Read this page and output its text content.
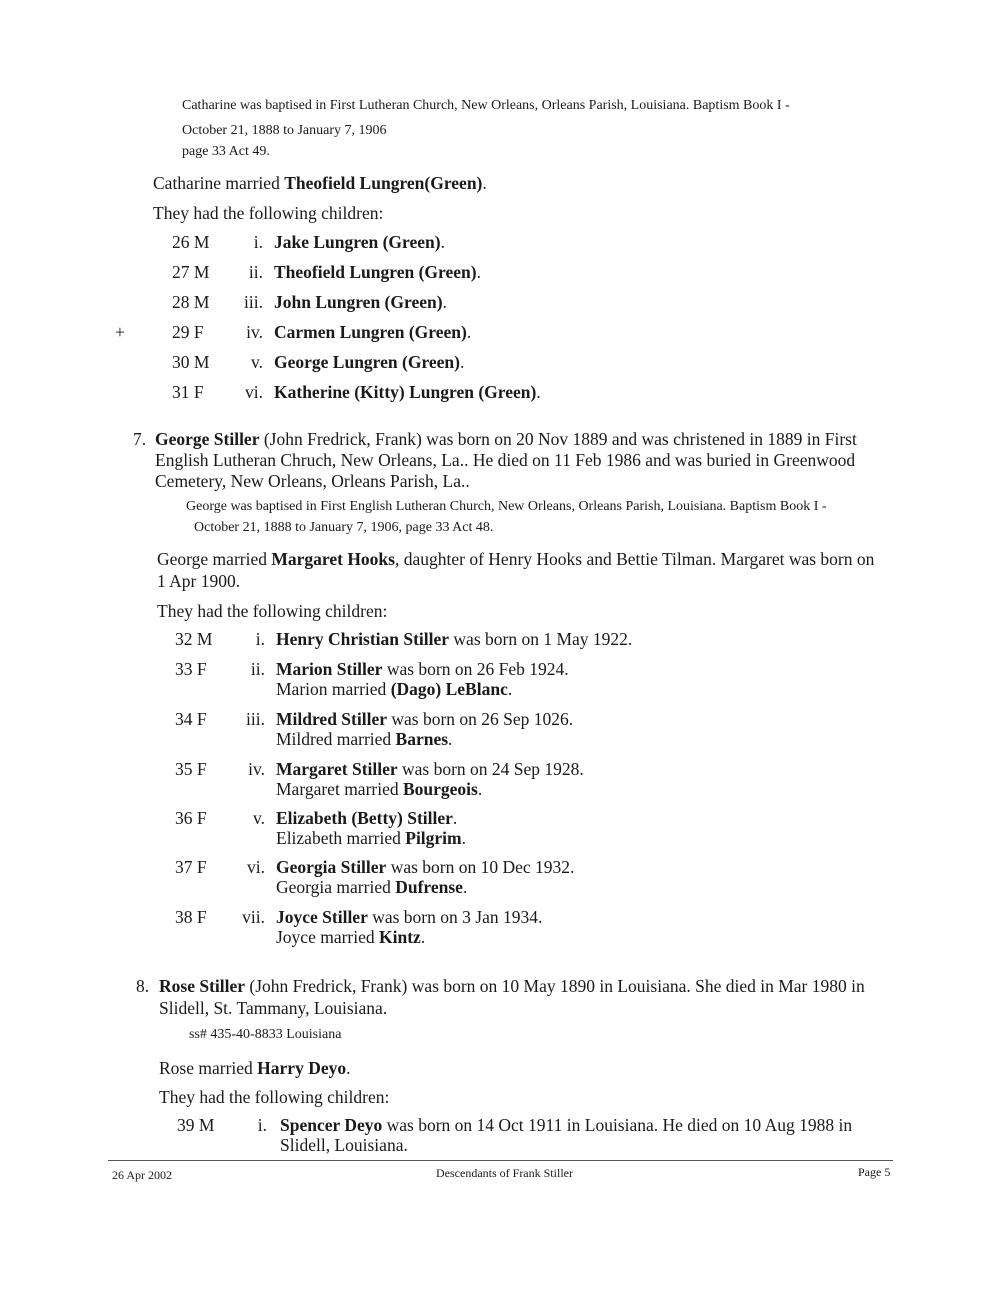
Catharine was baptised in First Lutheran Church, New Orleans, Orleans Parish, Louisiana. Baptism Book I -
October 21, 1888 to January 7, 1906
page 33 Act 49.
Catharine married Theofield Lungren(Green).
They had the following children:
26 M	i. Jake Lungren (Green).
27 M	ii. Theofield Lungren (Green).
28 M	iii. John Lungren (Green).
+	29 F	iv. Carmen Lungren (Green).
30 M	v. George Lungren (Green).
31 F	vi. Katherine (Kitty) Lungren (Green).
7. George Stiller (John Fredrick, Frank) was born on 20 Nov 1889 and was christened in 1889 in First
English Lutheran Chruch, New Orleans, La.. He died on 11 Feb 1986 and was buried in Greenwood
Cemetery, New Orleans, Orleans Parish, La..
George was baptised in First English Lutheran Church, New Orleans, Orleans Parish, Louisiana. Baptism Book I -
October 21, 1888 to January 7, 1906, page 33 Act 48.
George married Margaret Hooks, daughter of Henry Hooks and Bettie Tilman. Margaret was born on
1 Apr 1900.
They had the following children:
32 M	i. Henry Christian Stiller was born on 1 May 1922.
33 F	ii. Marion Stiller was born on 26 Feb 1924.
Marion married (Dago) LeBlanc.
34 F	iii. Mildred Stiller was born on 26 Sep 1026.
Mildred married Barnes.
35 F	iv. Margaret Stiller was born on 24 Sep 1928.
Margaret married Bourgeois.
36 F	v. Elizabeth (Betty) Stiller.
Elizabeth married Pilgrim.
37 F	vi. Georgia Stiller was born on 10 Dec 1932.
Georgia married Dufrense.
38 F	vii. Joyce Stiller was born on 3 Jan 1934.
Joyce married Kintz.
8. Rose Stiller (John Fredrick, Frank) was born on 10 May 1890 in Louisiana. She died in Mar 1980 in
Slidell, St. Tammany, Louisiana.
ss# 435-40-8833 Louisiana
Rose married Harry Deyo.
They had the following children:
39 M	i. Spencer Deyo was born on 14 Oct 1911 in Louisiana. He died on 10 Aug 1988 in
Slidell, Louisiana.
26 Apr 2002	Descendants of Frank Stiller	Page 5
